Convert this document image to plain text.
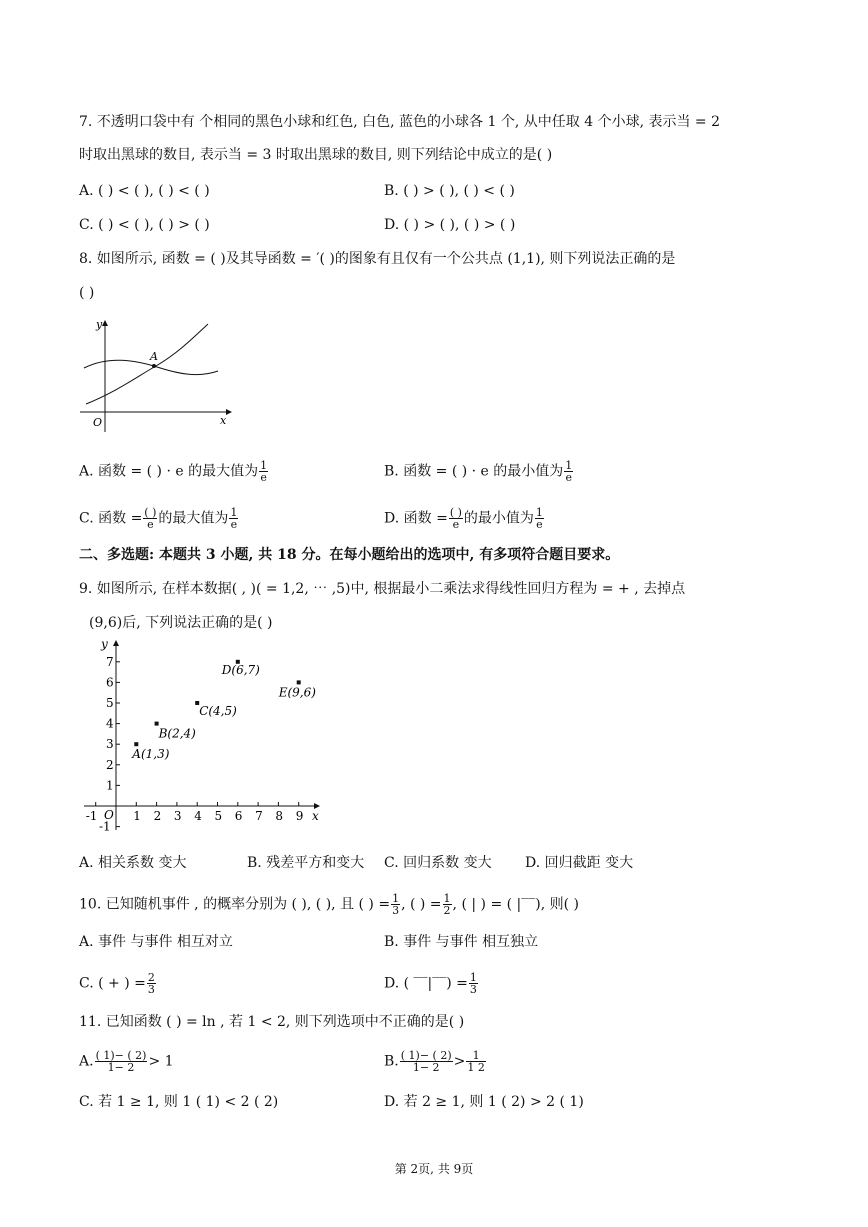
7. 不透明口袋中有 个相同的黑色小球和红色, 白色, 蓝色的小球各 1 个, 从中任取 4 个小球, 表示当 = 2
时取出黑球的数目, 表示当 = 3 时取出黑球的数目, 则下列结论中成立的是( )
A. ( ) < ( ), ( ) < ( )	B. ( ) > ( ), ( ) < ( )
C. ( ) < ( ), ( ) > ( )	D. ( ) > ( ), ( ) > ( )
8. 如图所示, 函数 = ( )及其导函数 = ′( )的图象有且仅有一个公共点 (1,1), 则下列说法正确的是
( )
y
x
O
A
A. 函数 = ( ) · e 的最大值为 $\frac{1}{e}$	B. 函数 = ( ) · e 的最小值为 $\frac{1}{e}$
C. 函数 = $\frac{( )}{e}$ 的最大值为 $\frac{1}{e}$	D. 函数 = $\frac{( )}{e}$ 的最小值为 $\frac{1}{e}$
二、多选题: 本题共 3 小题, 共 18 分。在每小题给出的选项中, 有多项符合题目要求。
9. 如图所示, 在样本数据( , )( = 1,2, ⋯ ,5)中, 根据最小二乘法求得线性回归方程为 = + , 去掉点
(9,6)后, 下列说法正确的是( )
y
x
O
-1	1 2 3 4 5 6 7 8 9
-1
1
2
3
4
5
6
7
A(1,3)
B(2,4)
C(4,5)
D(6,7)
E(9,6)
A. 相关系数 变大	B. 残差平方和变大 C. 回归系数 变大 D. 回归截距 变大
10. 已知随机事件 , 的概率分别为 ( ), ( ), 且 ( ) = $\frac{1}{3}$ , ( ) = $\frac{1}{2}$ , ( | ) = ( |‾‾), 则( )
A. 事件 与事件 相互对立	B. 事件 与事件 相互独立
C. ( + ) = $\frac{2}{3}$	D. ( ‾‾|‾‾) = $\frac{1}{3}$
11. 已知函数 ( ) = ln , 若 1 < 2, 则下列选项中不正确的是( )
A. $\frac{( 1)- ( 2)}{1- 2} > 1$	B. $\frac{( 1)- ( 2)}{1- 2} > \frac{1}{1 2}$
C. 若 1 ≥ 1, 则 1 ( 1) < 2 ( 2)	D. 若 2 ≥ 1, 则 1 ( 2) > 2 ( 1)
第 2页, 共 9页
